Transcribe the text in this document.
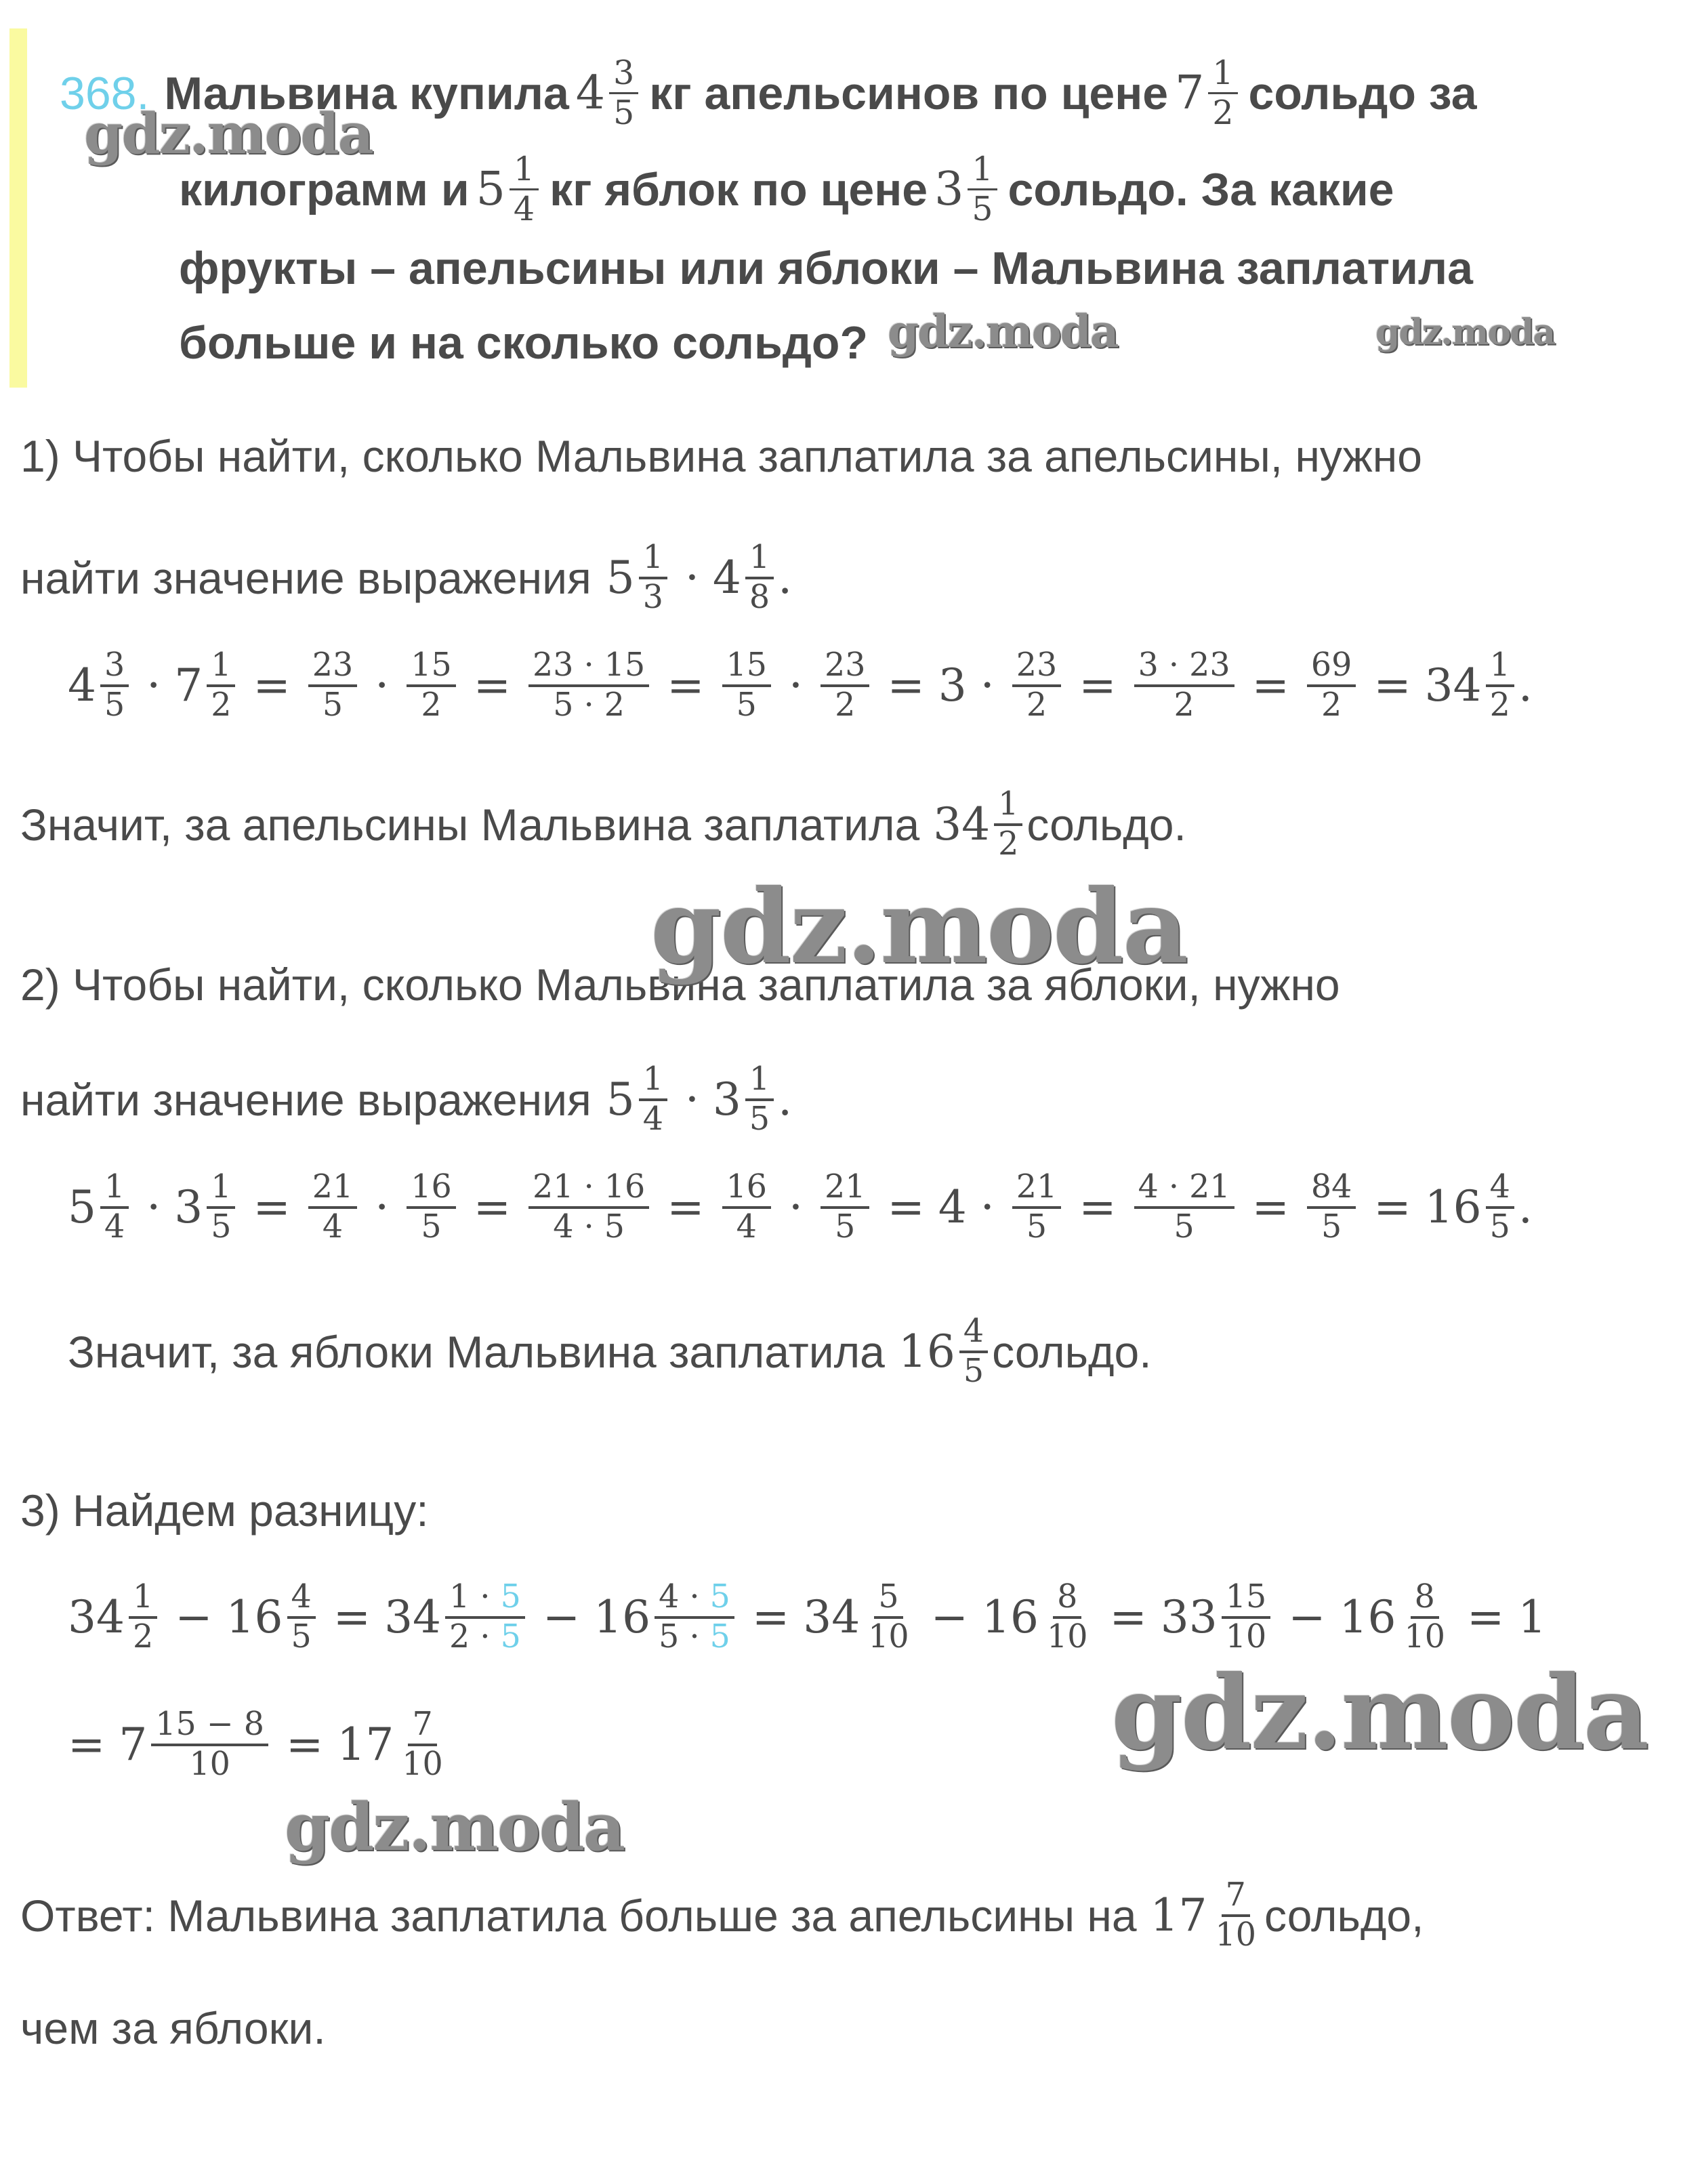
368. Мальвина купила $4 \frac{3}{5}$ кг апельсинов по цене $7 \frac{1}{2}$ сольдо за
килограмм и $5 \frac{1}{4}$ кг яблок по цене $3 \frac{1}{5}$ сольдо. За какие
фрукты – апельсины или яблоки – Мальвина заплатила
больше и на сколько сольдо?
1) Чтобы найти, сколько Мальвина заплатила за апельсины, нужно
найти значение выражения $5 \frac{1}{3} \cdot 4 \frac{1}{8}$ .
$4 \frac{3}{5} \cdot 7 \frac{1}{2} = \frac{23}{5} \cdot \frac{15}{2} = \frac{23 \cdot 15}{5 \cdot 2} = \frac{15}{5} \cdot \frac{23}{2} = 3 \cdot \frac{23}{2} = \frac{3 \cdot 23}{2} = \frac{69}{2} = 34 \frac{1}{2}$ .
Значит, за апельсины Мальвина заплатила $34 \frac{1}{2}$ сольдо.
2) Чтобы найти, сколько Мальвина заплатила за яблоки, нужно
найти значение выражения $5 \frac{1}{4} \cdot 3 \frac{1}{5}$ .
$5 \frac{1}{4} \cdot 3 \frac{1}{5} = \frac{21}{4} \cdot \frac{16}{5} = \frac{21 \cdot 16}{4 \cdot 5} = \frac{16}{4} \cdot \frac{21}{5} = 4 \cdot \frac{21}{5} = \frac{4 \cdot 21}{5} = \frac{84}{5} = 16 \frac{4}{5}$ .
Значит, за яблоки Мальвина заплатила $16 \frac{4}{5}$ сольдо.
3) Найдем разницу:
$34 \frac{1}{2} - 16 \frac{4}{5} = 34 \frac{1 \cdot 5}{2 \cdot 5} - 16 \frac{4 \cdot 5}{5 \cdot 5} = 34 \frac{5}{10} - 16 \frac{8}{10} = 33 \frac{15}{10} - 16 \frac{8}{10} = 1$
= $7 \frac{15 - 8}{10} = 17 \frac{7}{10}$
Ответ: Мальвина заплатила больше за апельсины на $17 \frac{7}{10}$ сольдо,
чем за яблоки.
gdz.moda
gdz.moda	gdz.moda
gdz.moda
gdz.moda
gdz.moda
